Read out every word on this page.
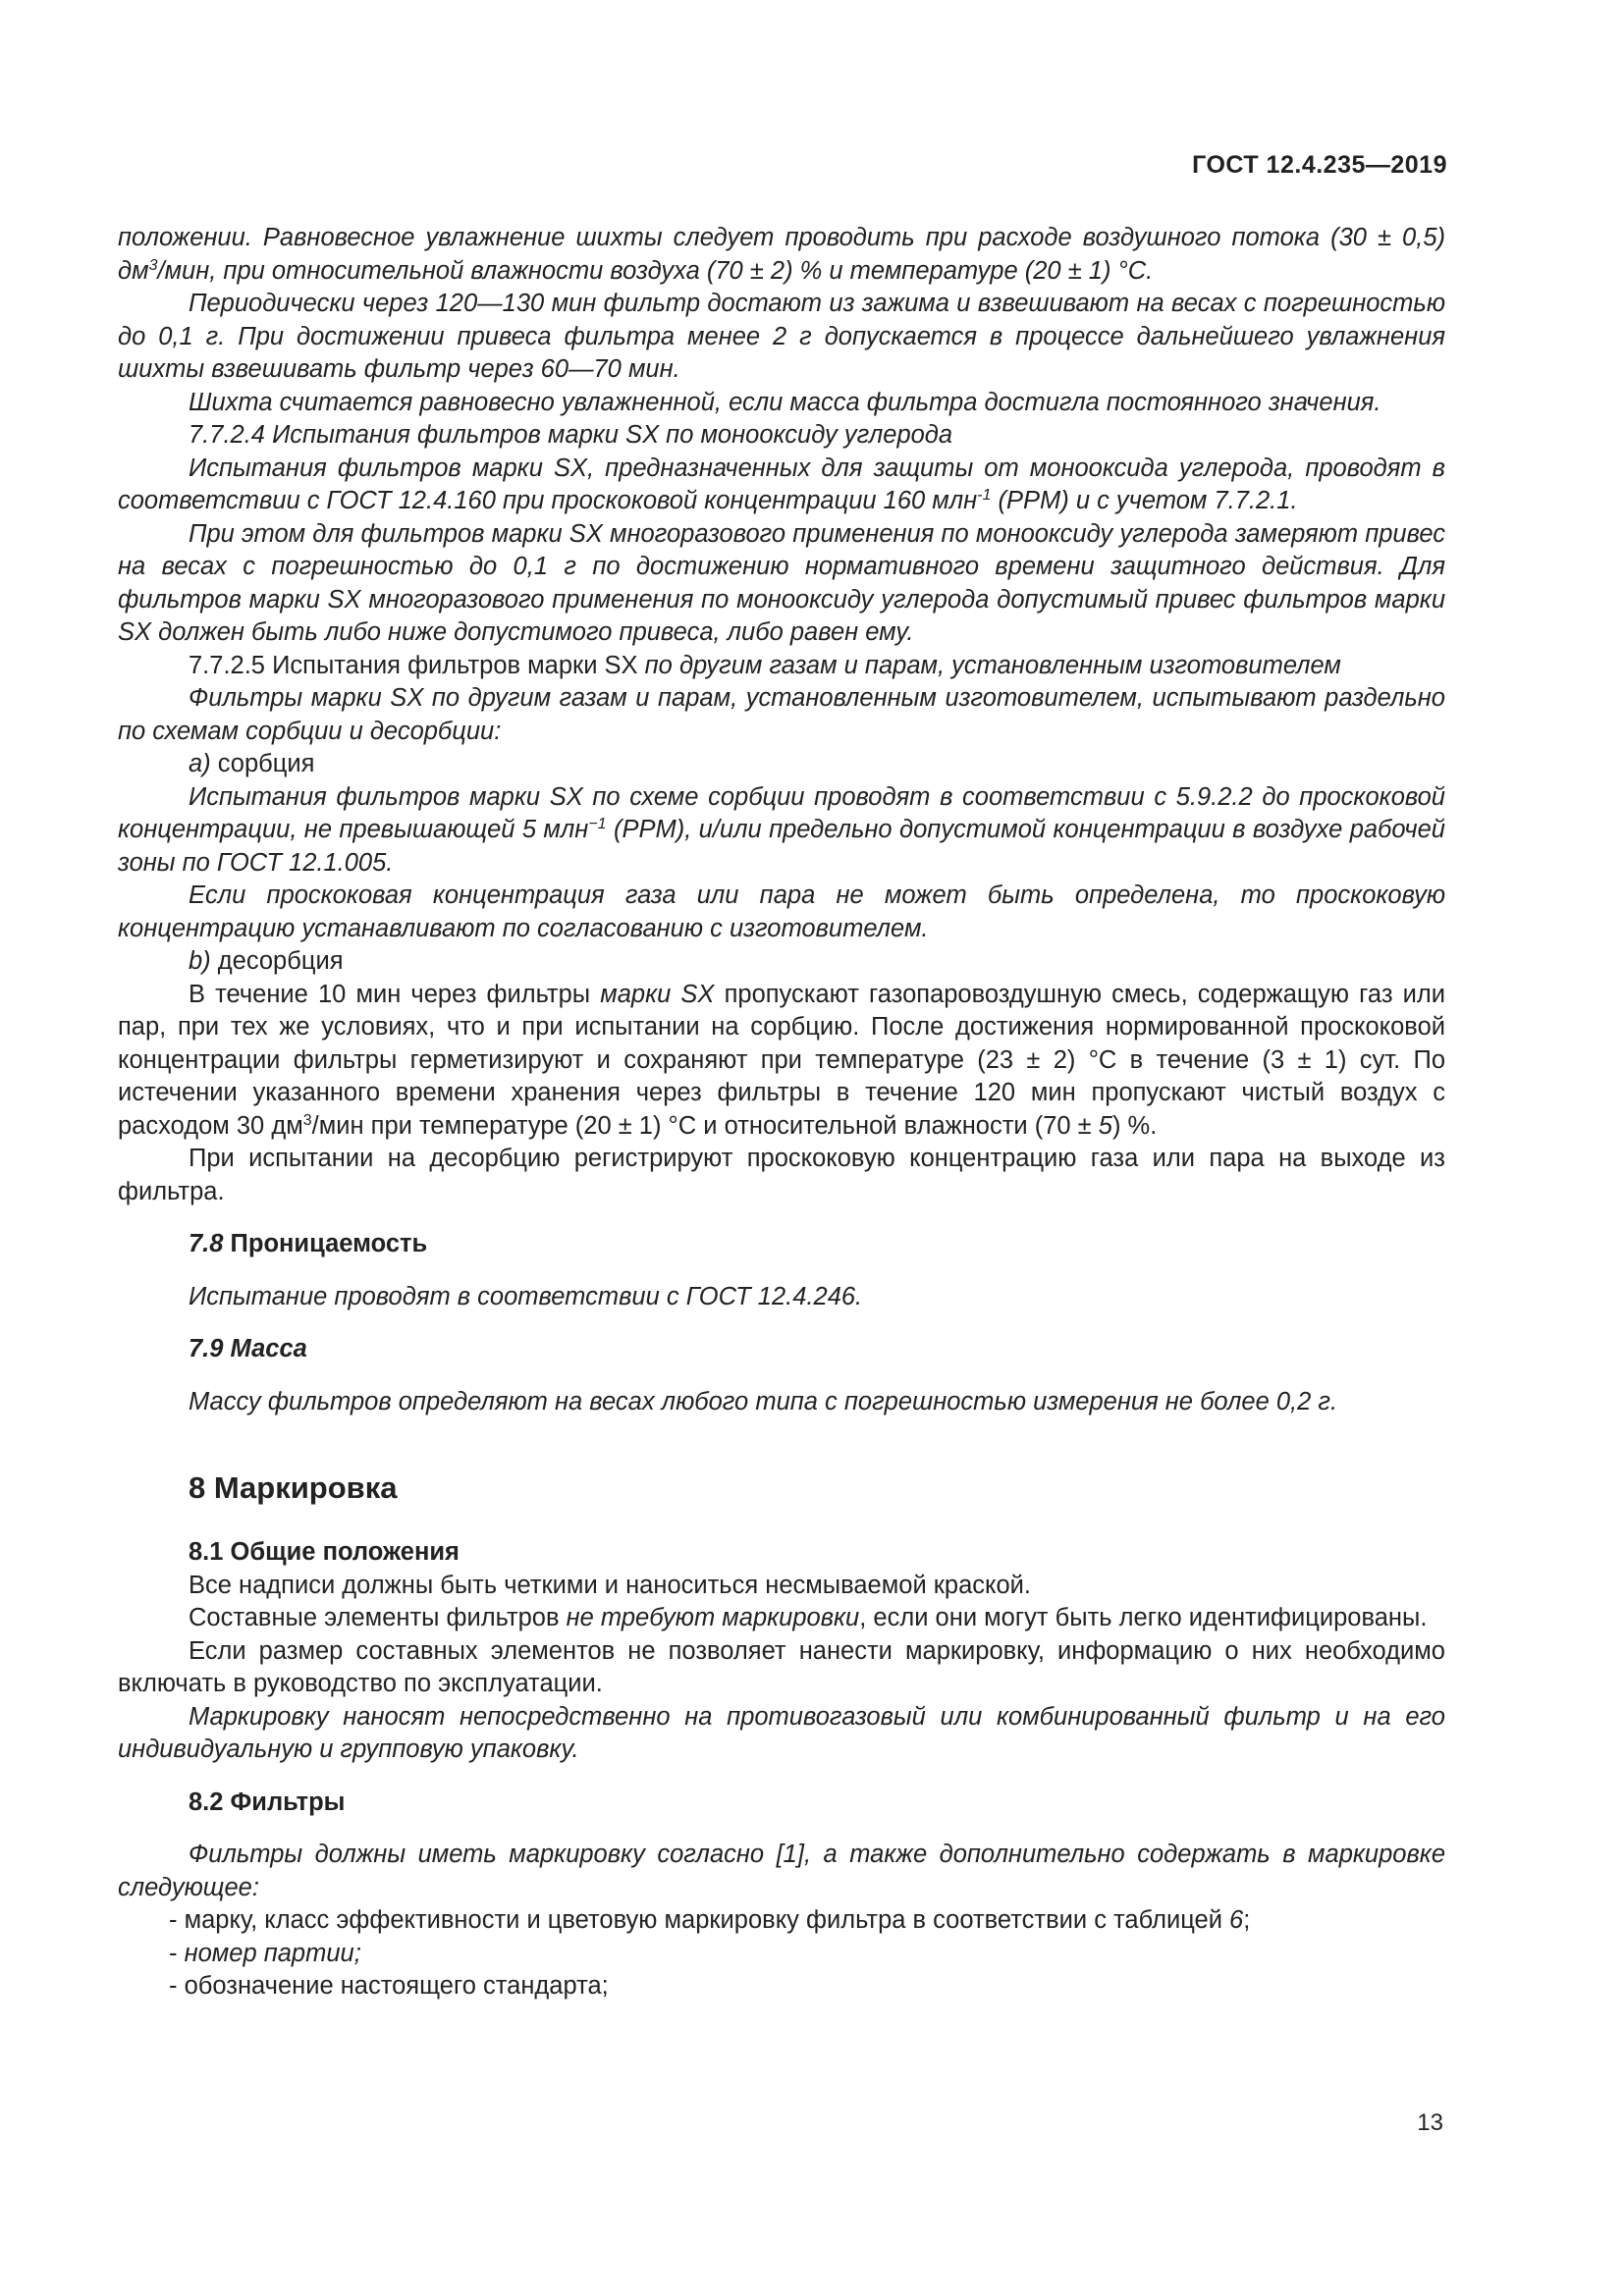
ГОСТ 12.4.235—2019

положении. Равновесное увлажнение шихты следует проводить при расходе воздушного потока (30 ± 0,5) $дм^3$/мин, при относительной влажности воздуха (70 ± 2) % и температуре (20 ± 1) °С.

Периодически через 120—130 мин фильтр достают из зажима и взвешивают на весах с погрешностью до 0,1 г. При достижении привеса фильтра менее 2 г допускается в процессе дальнейшего увлажнения шихты взвешивать фильтр через 60—70 мин.

Шихта считается равновесно увлажненной, если масса фильтра достигла постоянного значения.

7.7.2.4 Испытания фильтров марки SX по монооксиду углерода

Испытания фильтров марки SX, предназначенных для защиты от монооксида углерода, проводят в соответствии с ГОСТ 12.4.160 при проскоковой концентрации 160 млн$^{-1}$ (PPM) и с учетом 7.7.2.1.

При этом для фильтров марки SX многоразового применения по монооксиду углерода замеряют привес на весах с погрешностью до 0,1 г по достижению нормативного времени защитного действия. Для фильтров марки SX многоразового применения по монооксиду углерода допустимый привес фильтров марки SX должен быть либо ниже допустимого привеса, либо равен ему.

7.7.2.5 Испытания фильтров марки SX по другим газам и парам, установленным изготовителем

Фильтры марки SX по другим газам и парам, установленным изготовителем, испытывают раздельно по схемам сорбции и десорбции:

а) сорбция

Испытания фильтров марки SX по схеме сорбции проводят в соответствии с 5.9.2.2 до проскоковой концентрации, не превышающей 5 млн$^{-1}$ (PPM), и/или предельно допустимой концентрации в воздухе рабочей зоны по ГОСТ 12.1.005.

Если проскоковая концентрация газа или пара не может быть определена, то проскоковую концентрацию устанавливают по согласованию с изготовителем.

b) десорбция

В течение 10 мин через фильтры марки SX пропускают газопаровоздушную смесь, содержащую газ или пар, при тех же условиях, что и при испытании на сорбцию. После достижения нормированной проскоковой концентрации фильтры герметизируют и сохраняют при температуре (23 ± 2) °С в течение (3 ± 1) сут. По истечении указанного времени хранения через фильтры в течение 120 мин пропускают чистый воздух с расходом 30 $дм^3$/мин при температуре (20 ± 1) °С и относительной влажности (70 ± 5) %.

При испытании на десорбцию регистрируют проскоковую концентрацию газа или пара на выходе из фильтра.

7.8 Проницаемость

Испытание проводят в соответствии с ГОСТ 12.4.246.

7.9 Масса

Массу фильтров определяют на весах любого типа с погрешностью измерения не более 0,2 г.

8 Маркировка

8.1 Общие положения

Все надписи должны быть четкими и наноситься несмываемой краской.

Составные элементы фильтров не требуют маркировки, если они могут быть легко идентифицированы.

Если размер составных элементов не позволяет нанести маркировку, информацию о них необходимо включать в руководство по эксплуатации.

Маркировку наносят непосредственно на противогазовый или комбинированный фильтр и на его индивидуальную и групповую упаковку.

8.2 Фильтры

Фильтры должны иметь маркировку согласно [1], а также дополнительно содержать в маркировке следующее:

- марку, класс эффективности и цветовую маркировку фильтра в соответствии с таблицей 6;

- номер партии;

- обозначение настоящего стандарта;

13
